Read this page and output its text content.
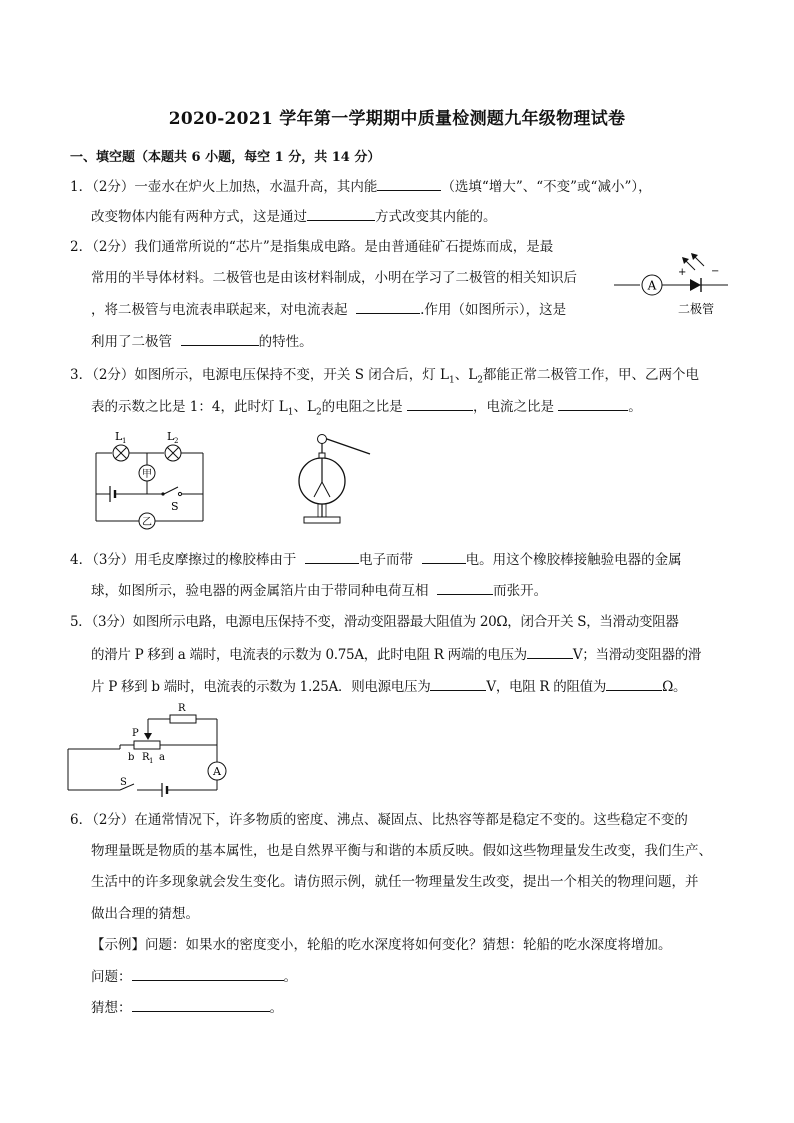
2020-2021 学年第一学期期中质量检测题九年级物理试卷
一、填空题（本题共 6 小题，每空 1 分，共 14 分）
1．（2分）一壶水在炉火上加热，水温升高，其内能	（选填“增大”、“不变”或“减小”），
改变物体内能有两种方式，这是通过	方式改变其内能的。
2．（2分）我们通常所说的“芯片”是指集成电路。是由普通硅矿石提炼而成，是最
常用的半导体材料。二极管也是由该材料制成，小明在学习了二极管的相关知识后
，将二极管与电流表串联起来，对电流表起	.作用（如图所示），这是
利用了二极管	的特性。
A
+ −
二极管
3．（2分）如图所示，电源电压保持不变，开关 S 闭合后，灯 $L_1$、$L_2$都能正常二极管工作，甲、乙两个电
表的示数之比是 1：4，此时灯 $L_1$、$L_2$的电阻之比是	，电流之比是	。
甲
乙
L 1	L 2
S
4．（3分）用毛皮摩擦过的橡胶棒由于	电子而带	电。用这个橡胶棒接触验电器的金属
球，如图所示，验电器的两金属箔片由于带同种电荷互相	而张开。
5．（3分）如图所示电路，电源电压保持不变，滑动变阻器最大阻值为 20Ω，闭合开关 S，当滑动变阻器
的滑片 P 移到 a 端时，电流表的示数为 0.75A，此时电阻 R 两端的电压为	V；当滑动变阻器的滑
片 P 移到 b 端时，电流表的示数为 1.25A．则电源电压为	V，电阻 R 的阻值为	Ω。
A
R
P
b R 1 a
S
6．（2分）在通常情况下，许多物质的密度、沸点、凝固点、比热容等都是稳定不变的。这些稳定不变的
物理量既是物质的基本属性，也是自然界平衡与和谐的本质反映。假如这些物理量发生改变，我们生产、
生活中的许多现象就会发生变化。请仿照示例，就任一物理量发生改变，提出一个相关的物理问题，并
做出合理的猜想。
【示例】问题：如果水的密度变小，轮船的吃水深度将如何变化？猜想：轮船的吃水深度将增加。
问题：	。
猜想：	。
